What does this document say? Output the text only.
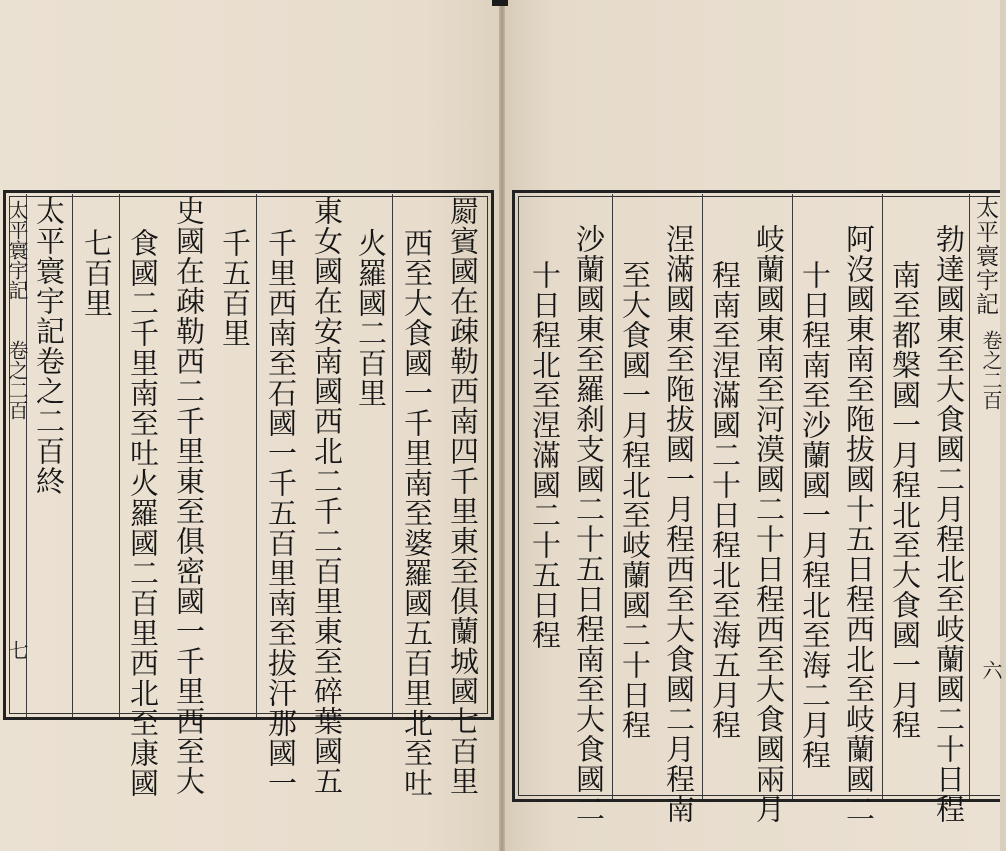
罽賓國在疎勒西南四千里東至俱蘭城國七百里
西至大食國一千里南至婆羅國五百里北至吐
火羅國二百里
東女國在安南國西北二千二百里東至碎葉國五
千里西南至石國一千五百里南至拔汗那國一
千五百里
史國在疎勒西二千里東至俱密國一千里西至大
食國二千里南至吐火羅國二百里西北至康國
七百里
太平寰宇記卷之二百終
太平寰宇記
卷之二百
七
太平寰宇記
勃達國東至大食國二月程北至岐蘭國二十日程
南至都槃國一月程北至大食國一月程
阿沒國東南至陁拔國十五日程西北至岐蘭國二
十日程南至沙蘭國一月程北至海二月程
岐蘭國東南至河漠國二十日程西至大食國兩月
程南至涅滿國二十日程北至海五月程
涅滿國東至陁拔國一月程西至大食國二月程南
至大食國一月程北至岐蘭國二十日程
沙蘭國東至羅刹支國二十五日程南至大食國二
十日程北至涅滿國二十五日程	卷之二百
六
